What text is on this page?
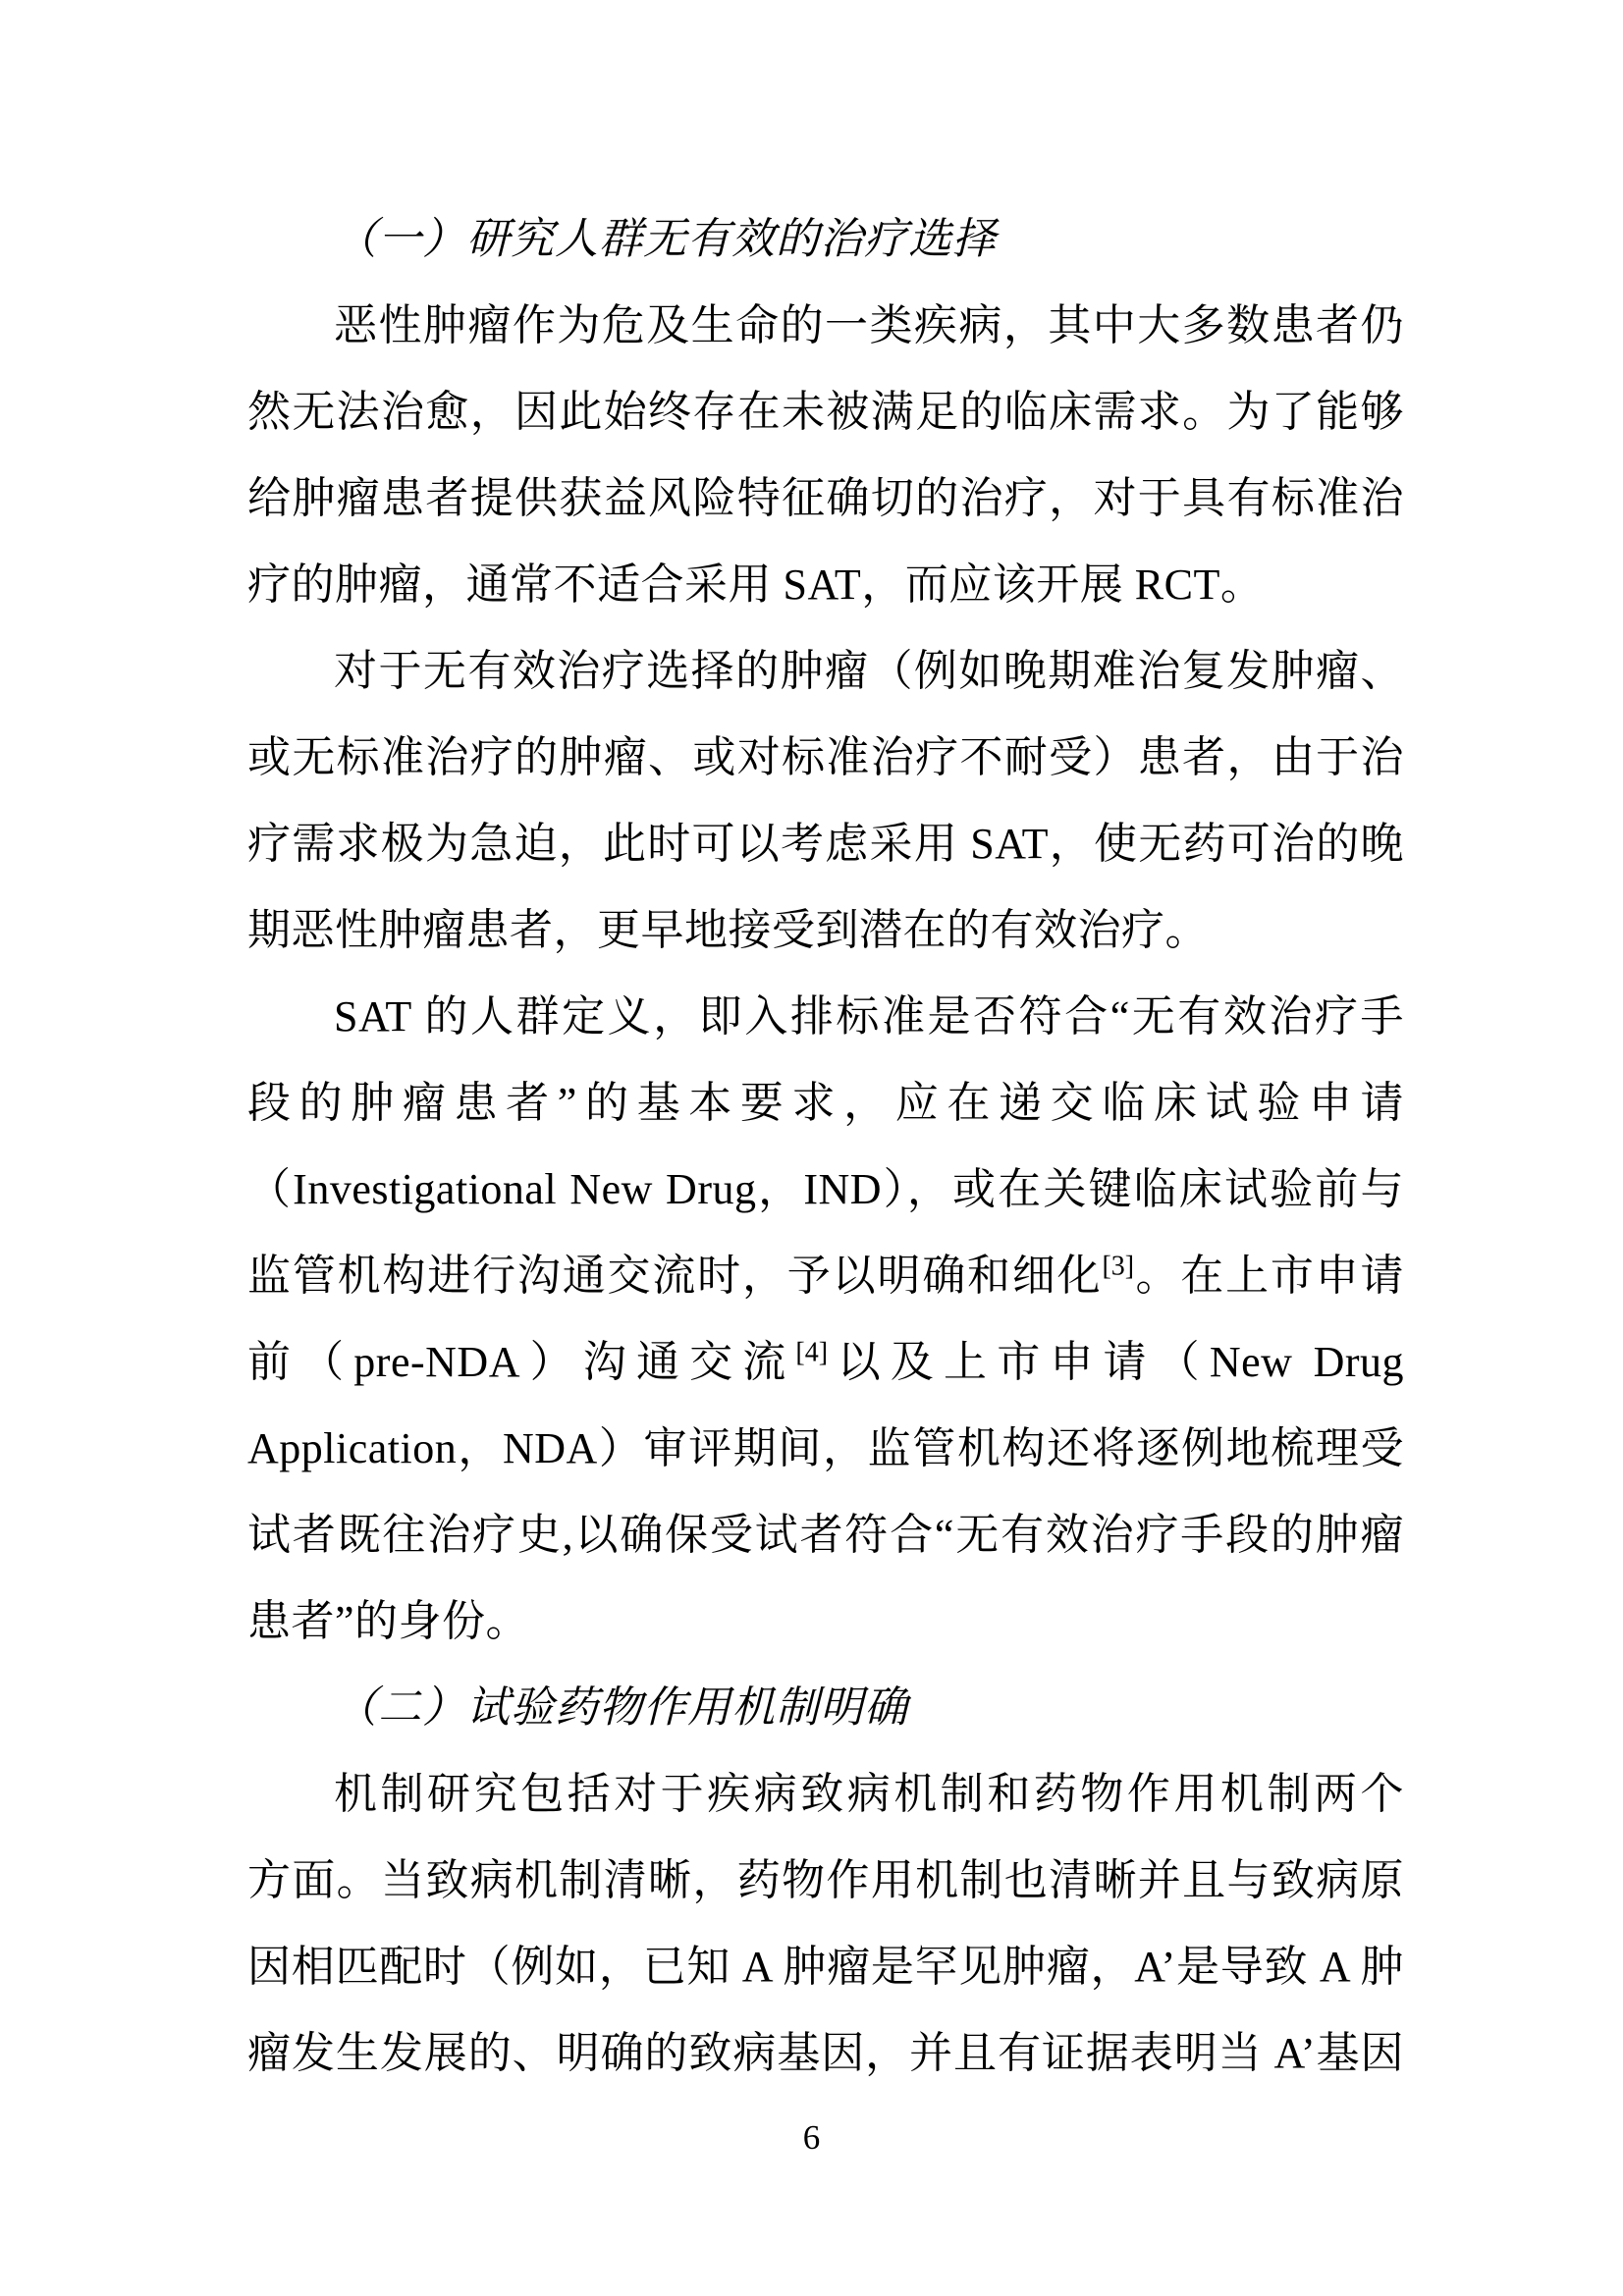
（一）研究人群无有效的治疗选择
恶性肿瘤作为危及生命的一类疾病，其中大多数患者仍
然无法治愈，因此始终存在未被满足的临床需求。为了能够
给肿瘤患者提供获益风险特征确切的治疗，对于具有标准治
疗的肿瘤，通常不适合采用 SAT，而应该开展 RCT。
对于无有效治疗选择的肿瘤（例如晚期难治复发肿瘤、
或无标准治疗的肿瘤、或对标准治疗不耐受）患者，由于治
疗需求极为急迫，此时可以考虑采用 SAT，使无药可治的晚
期恶性肿瘤患者，更早地接受到潜在的有效治疗。
SAT 的人群定义，即入排标准是否符合“无有效治疗手
段的肿瘤患者”的基本要求，应在递交临床试验申请
（Investigational New Drug，IND），或在关键临床试验前与
监管机构进行沟通交流时，予以明确和细化[3]。在上市申请
前（pre-NDA）沟通交流[4]以及上市申请（New Drug
Application，NDA）审评期间，监管机构还将逐例地梳理受
试者既往治疗史,以确保受试者符合“无有效治疗手段的肿瘤
患者”的身份。
（二）试验药物作用机制明确
机制研究包括对于疾病致病机制和药物作用机制两个
方面。当致病机制清晰，药物作用机制也清晰并且与致病原
因相匹配时（例如，已知 A 肿瘤是罕见肿瘤，A’是导致 A 肿
瘤发生发展的、明确的致病基因，并且有证据表明当 A’基因
6
